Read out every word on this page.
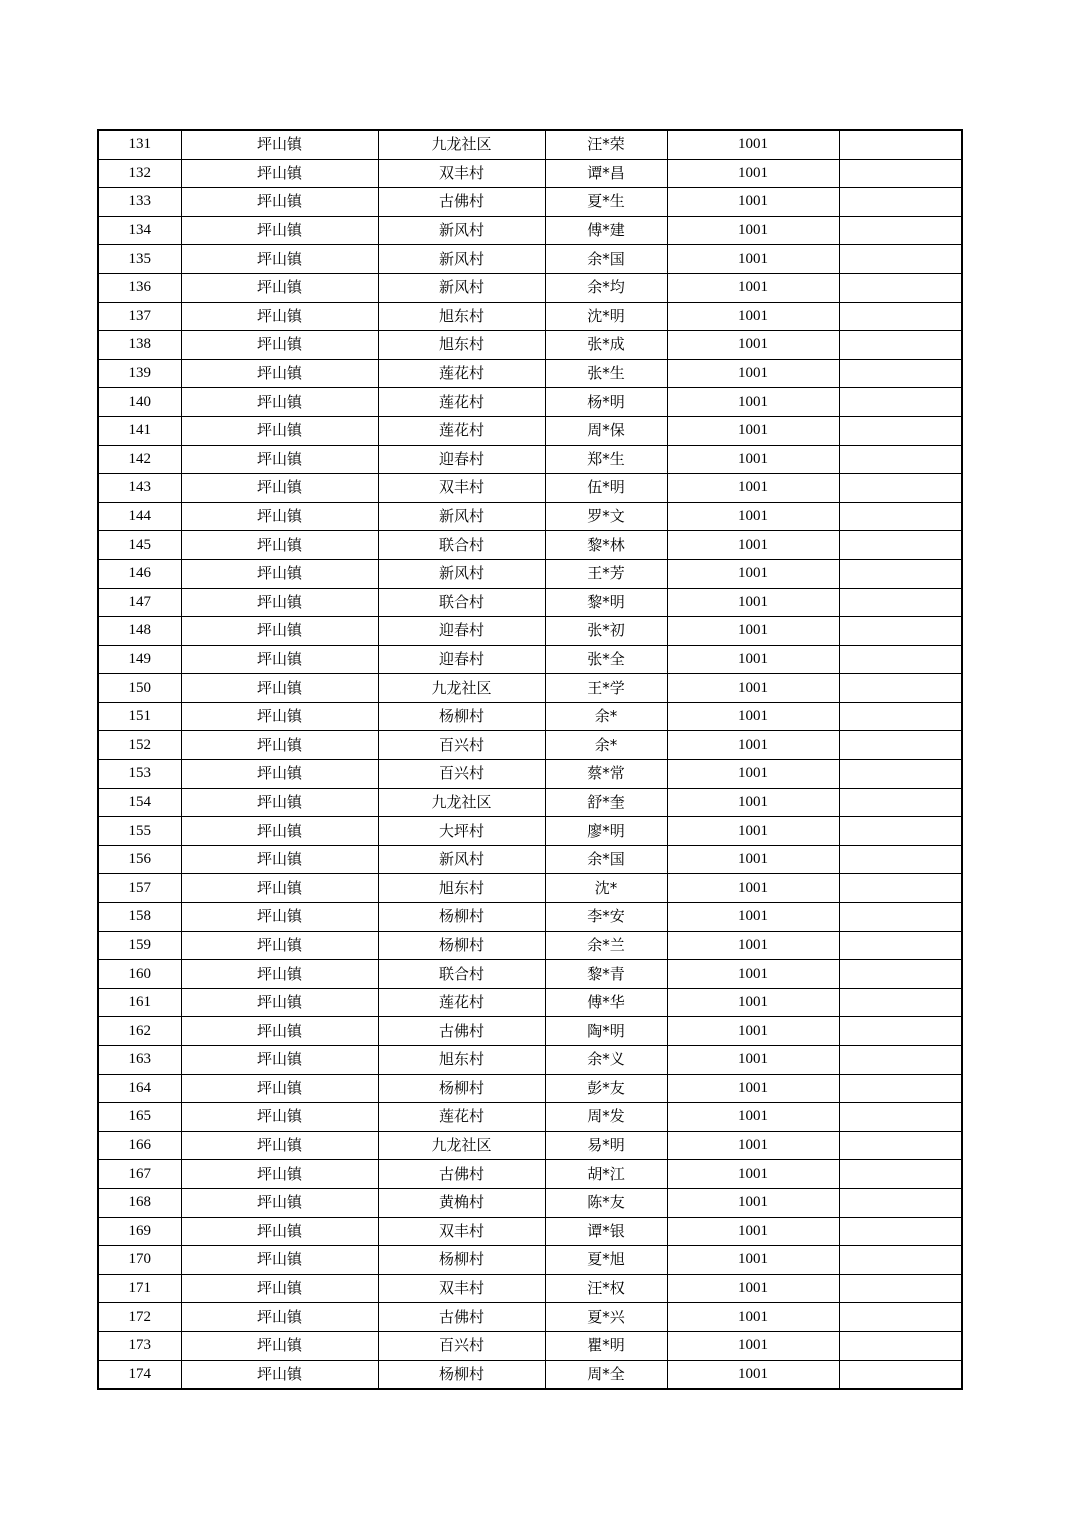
131	坪山镇	九龙社区	汪*荣	1001	
132	坪山镇	双丰村	谭*昌	1001	
133	坪山镇	古佛村	夏*生	1001	
134	坪山镇	新风村	傅*建	1001	
135	坪山镇	新风村	余*国	1001	
136	坪山镇	新风村	余*均	1001	
137	坪山镇	旭东村	沈*明	1001	
138	坪山镇	旭东村	张*成	1001	
139	坪山镇	莲花村	张*生	1001	
140	坪山镇	莲花村	杨*明	1001	
141	坪山镇	莲花村	周*保	1001	
142	坪山镇	迎春村	郑*生	1001	
143	坪山镇	双丰村	伍*明	1001	
144	坪山镇	新风村	罗*文	1001	
145	坪山镇	联合村	黎*林	1001	
146	坪山镇	新风村	王*芳	1001	
147	坪山镇	联合村	黎*明	1001	
148	坪山镇	迎春村	张*初	1001	
149	坪山镇	迎春村	张*全	1001	
150	坪山镇	九龙社区	王*学	1001	
151	坪山镇	杨柳村	余*	1001	
152	坪山镇	百兴村	余*	1001	
153	坪山镇	百兴村	蔡*常	1001	
154	坪山镇	九龙社区	舒*奎	1001	
155	坪山镇	大坪村	廖*明	1001	
156	坪山镇	新风村	余*国	1001	
157	坪山镇	旭东村	沈*	1001	
158	坪山镇	杨柳村	李*安	1001	
159	坪山镇	杨柳村	余*兰	1001	
160	坪山镇	联合村	黎*青	1001	
161	坪山镇	莲花村	傅*华	1001	
162	坪山镇	古佛村	陶*明	1001	
163	坪山镇	旭东村	余*义	1001	
164	坪山镇	杨柳村	彭*友	1001	
165	坪山镇	莲花村	周*发	1001	
166	坪山镇	九龙社区	易*明	1001	
167	坪山镇	古佛村	胡*江	1001	
168	坪山镇	黄桷村	陈*友	1001	
169	坪山镇	双丰村	谭*银	1001	
170	坪山镇	杨柳村	夏*旭	1001	
171	坪山镇	双丰村	汪*权	1001	
172	坪山镇	古佛村	夏*兴	1001	
173	坪山镇	百兴村	瞿*明	1001	
174	坪山镇	杨柳村	周*全	1001	
